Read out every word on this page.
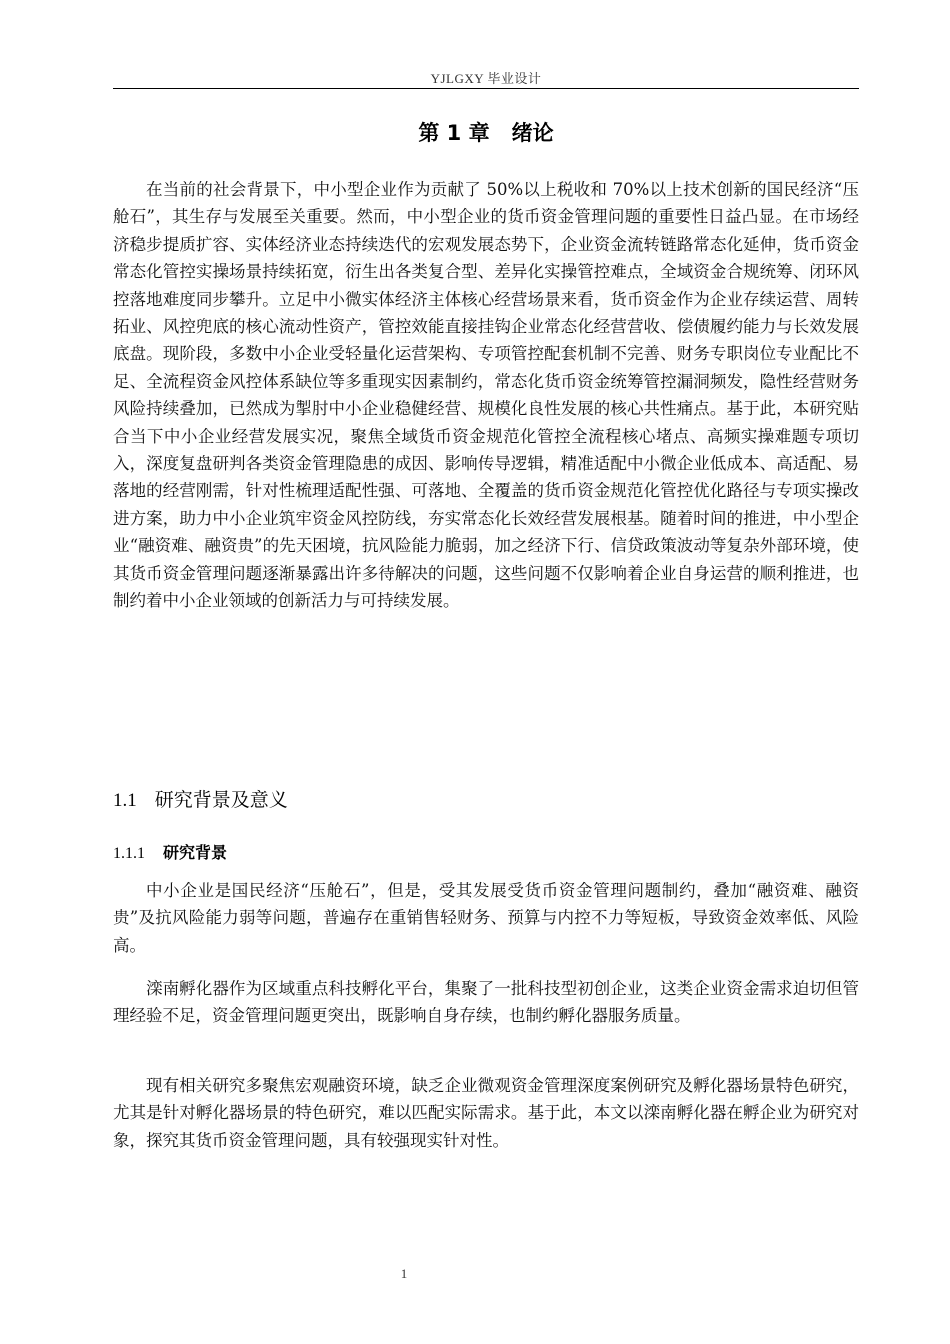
YJLGXY 毕业设计
第 1 章 绪论

在当前的社会背景下，中小型企业作为贡献了 50%以上税收和 70%以上技术创新的国民经济“压舱石”，其生存与发展至关重要。然而，中小型企业的货币资金管理问题的重要性日益凸显。在市场经济稳步提质扩容、实体经济业态持续迭代的宏观发展态势下，企业资金流转链路常态化延伸，货币资金常态化管控实操场景持续拓宽，衍生出各类复合型、差异化实操管控难点，全域资金合规统筹、闭环风控落地难度同步攀升。立足中小微实体经济主体核心经营场景来看，货币资金作为企业存续运营、周转拓业、风控兜底的核心流动性资产，管控效能直接挂钩企业常态化经营营收、偿债履约能力与长效发展底盘。现阶段，多数中小企业受轻量化运营架构、专项管控配套机制不完善、财务专职岗位专业配比不足、全流程资金风控体系缺位等多重现实因素制约，常态化货币资金统筹管控漏洞频发，隐性经营财务风险持续叠加，已然成为掣肘中小企业稳健经营、规模化良性发展的核心共性痛点。基于此，本研究贴合当下中小企业经营发展实况，聚焦全域货币资金规范化管控全流程核心堵点、高频实操难题专项切入，深度复盘研判各类资金管理隐患的成因、影响传导逻辑，精准适配中小微企业低成本、高适配、易落地的经营刚需，针对性梳理适配性强、可落地、全覆盖的货币资金规范化管控优化路径与专项实操改进方案，助力中小企业筑牢资金风控防线，夯实常态化长效经营发展根基。随着时间的推进，中小型企业“融资难、融资贵”的先天困境，抗风险能力脆弱，加之经济下行、信贷政策波动等复杂外部环境，使其货币资金管理问题逐渐暴露出许多待解决的问题，这些问题不仅影响着企业自身运营的顺利推进，也制约着中小企业领域的创新活力与可持续发展。

1.1 研究背景及意义
1.1.1 研究背景

中小企业是国民经济“压舱石”，但是，受其发展受货币资金管理问题制约，叠加“融资难、融资贵”及抗风险能力弱等问题，普遍存在重销售轻财务、预算与内控不力等短板，导致资金效率低、风险高。

滦南孵化器作为区域重点科技孵化平台，集聚了一批科技型初创企业，这类企业资金需求迫切但管理经验不足，资金管理问题更突出，既影响自身存续，也制约孵化器服务质量。

现有相关研究多聚焦宏观融资环境，缺乏企业微观资金管理深度案例研究及孵化器场景特色研究，尤其是针对孵化器场景的特色研究，难以匹配实际需求。基于此，本文以滦南孵化器在孵企业为研究对象，探究其货币资金管理问题，具有较强现实针对性。

1
